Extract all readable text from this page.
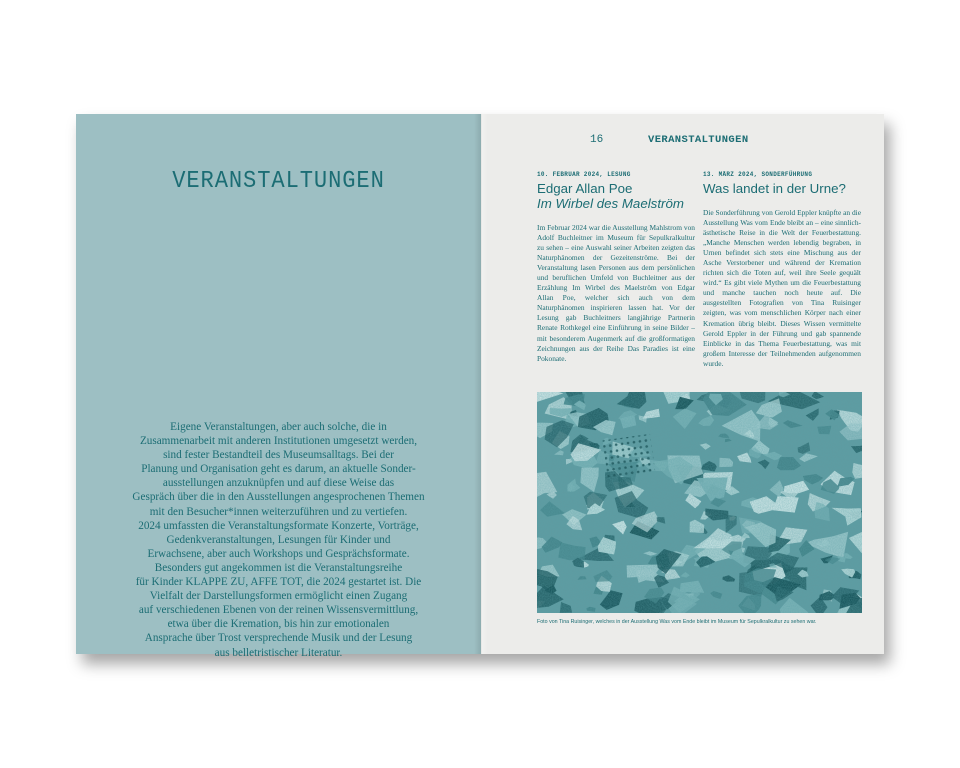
VERANSTALTUNGEN

Eigene Veranstaltungen, aber auch solche, die in

Zusammenarbeit mit anderen Institutionen umgesetzt werden,

sind fester Bestandteil des Museumsalltags. Bei der

Planung und Organisation geht es darum, an aktuelle Sonder-

ausstellungen anzuknüpfen und auf diese Weise das

Gespräch über die in den Ausstellungen angesprochenen Themen

mit den Besucher*innen weiterzuführen und zu vertiefen.

2024 umfassten die Veranstaltungsformate Konzerte, Vorträge,

Gedenkveranstaltungen, Lesungen für Kinder und

Erwachsene, aber auch Workshops und Gesprächsformate.

Besonders gut angekommen ist die Veranstaltungsreihe

für Kinder KLAPPE ZU, AFFE TOT, die 2024 gestartet ist. Die

Vielfalt der Darstellungsformen ermöglicht einen Zugang

auf verschiedenen Ebenen von der reinen Wissensvermittlung,

etwa über die Kremation, bis hin zur emotionalen

Ansprache über Trost versprechende Musik und der Lesung

aus belletristischer Literatur.

16	VERANSTALTUNGEN
10. FEBRUAR 2024, LESUNG
Edgar Allan Poe
Im Wirbel des Maelström

Im Februar 2024 war die Ausstellung Mahlstrom von Adolf Buchleitner im Museum für Sepulkralkultur zu sehen – eine Auswahl seiner Arbeiten zeigten das Naturphänomen der Gezeitenströme. Bei der Veranstaltung lasen Personen aus dem persönlichen und beruflichen Umfeld von Buchleitner aus der Erzählung Im Wirbel des Maelström von Edgar Allan Poe, welcher sich auch von dem Naturphänomen inspirieren lassen hat. Vor der Lesung gab Buchleitners langjährige Partnerin Renate Rothkegel eine Einführung in seine Bilder – mit besonderem Augenmerk auf die großformatigen Zeichnungen aus der Reihe Das Paradies ist eine Pokonate.

13. MÄRZ 2024, SONDERFÜHRUNG
Was landet in der Urne?

Die Sonderführung von Gerold Eppler knüpfte an die Ausstellung Was vom Ende bleibt an – eine sinnlich-ästhetische Reise in die Welt der Feuerbestattung. „Manche Menschen werden lebendig begraben, in Urnen befindet sich stets eine Mischung aus der Asche Verstorbener und während der Kremation richten sich die Toten auf, weil ihre Seele gequält wird.“ Es gibt viele Mythen um die Feuerbestattung und manche tauchen noch heute auf. Die ausgestellten Fotografien von Tina Ruisinger zeigten, was vom menschlichen Körper nach einer Kremation übrig bleibt. Dieses Wissen vermittelte Gerold Eppler in der Führung und gab spannende Einblicke in das Thema Feuerbestattung, was mit großem Interesse der Teilnehmenden aufgenommen wurde.

Foto von Tina Ruisinger, welches in der Ausstellung Was vom Ende bleibt im Museum für Sepulkralkultur zu sehen war.
